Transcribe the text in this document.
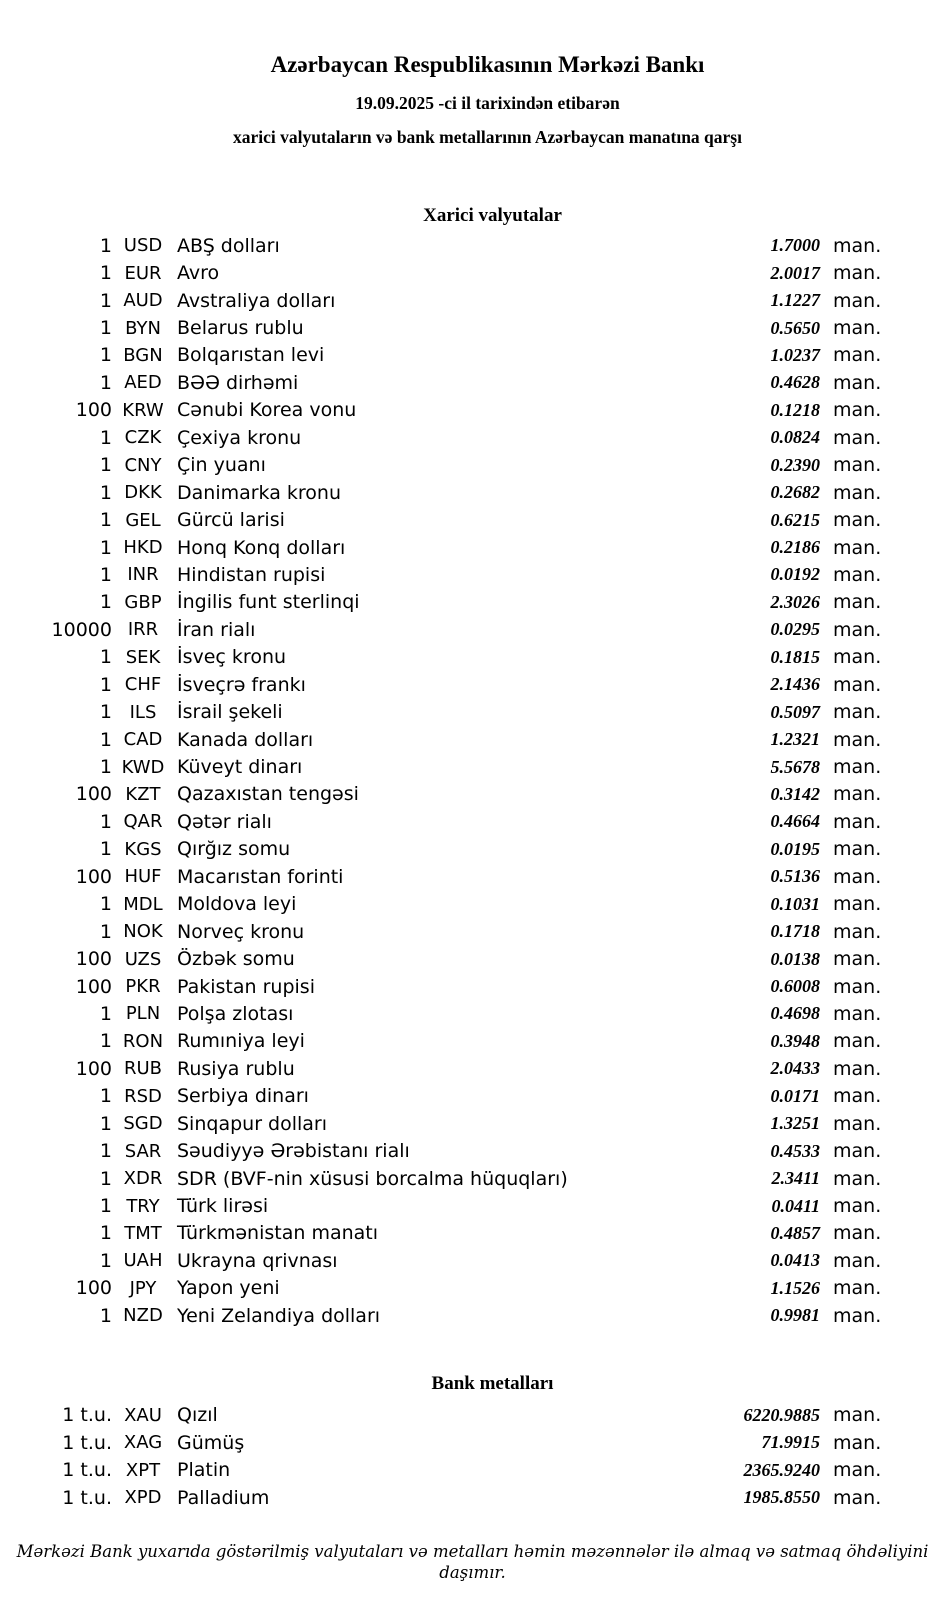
Azərbaycan Respublikasının Mərkəzi Bankı
19.09.2025 -ci il tarixindən etibarən
xarici valyutaların və bank metallarının Azərbaycan manatına qarşı
Xarici valyutalar
1 USD ABŞ dolları	1.7000 man.
1 EUR Avro	2.0017 man.
1 AUD Avstraliya dolları	1.1227 man.
1 BYN Belarus rublu	0.5650 man.
1 BGN Bolqarıstan levi	1.0237 man.
1 AED BƏƏ dirhəmi	0.4628 man.
100 KRW Cənubi Korea vonu	0.1218 man.
1 CZK Çexiya kronu	0.0824 man.
1 CNY Çin yuanı	0.2390 man.
1 DKK Danimarka kronu	0.2682 man.
1 GEL Gürcü larisi	0.6215 man.
1 HKD Honq Konq dolları	0.2186 man.
1 INR Hindistan rupisi	0.0192 man.
1 GBP İngilis funt sterlinqi	2.3026 man.
10000 IRR İran rialı	0.0295 man.
1 SEK İsveç kronu	0.1815 man.
1 CHF İsveçrə frankı	2.1436 man.
1 ILS	İsrail şekeli	0.5097 man.
1 CAD Kanada dolları	1.2321 man.
1 KWD Küveyt dinarı	5.5678 man.
100 KZT Qazaxıstan tengəsi	0.3142 man.
1 QAR Qətər rialı	0.4664 man.
1 KGS Qırğız somu	0.0195 man.
100 HUF Macarıstan forinti	0.5136 man.
1 MDL Moldova leyi	0.1031 man.
1 NOK Norveç kronu	0.1718 man.
100 UZS Özbək somu	0.0138 man.
100 PKR Pakistan rupisi	0.6008 man.
1 PLN Polşa zlotası	0.4698 man.
1 RON Rumıniya leyi	0.3948 man.
100 RUB Rusiya rublu	2.0433 man.
1 RSD Serbiya dinarı	0.0171 man.
1 SGD Sinqapur dolları	1.3251 man.
1 SAR Səudiyyə Ərəbistanı rialı	0.4533 man.
1 XDR SDR (BVF-nin xüsusi borcalma hüquqları)	2.3411 man.
1 TRY Türk lirəsi	0.0411 man.
1 TMT Türkmənistan manatı	0.4857 man.
1 UAH Ukrayna qrivnası	0.0413 man.
100 JPY	Yapon yeni	1.1526 man.
1 NZD Yeni Zelandiya dolları	0.9981 man.
Bank metalları
1 t.u. XAU Qızıl	6220.9885 man.
1 t.u. XAG Gümüş	71.9915 man.
1 t.u. XPT Platin	2365.9240 man.
1 t.u. XPD Palladium	1985.8550 man.
Mərkəzi Bank yuxarıda göstərilmiş valyutaları və metalları həmin məzənnələr ilə almaq və satmaq öhdəliyini daşımır.
